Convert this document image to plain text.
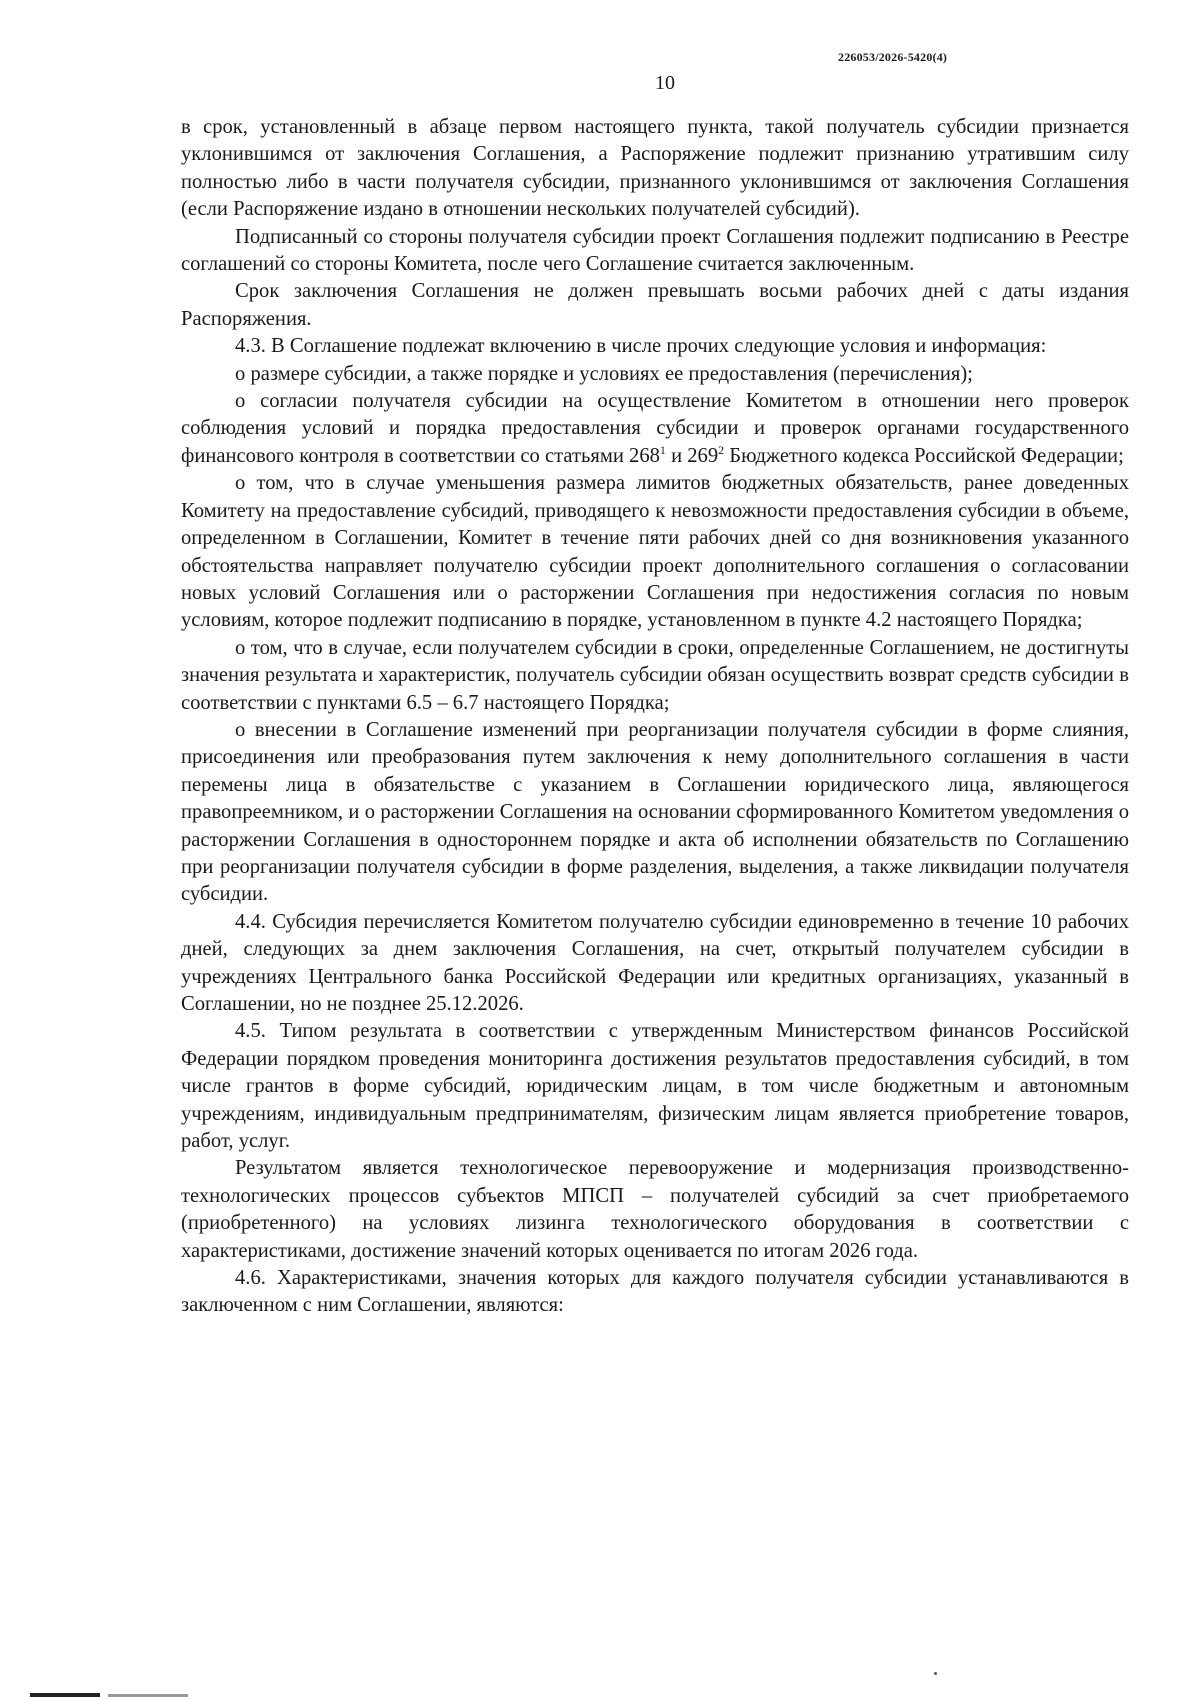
226053/2026-5420(4)
10

в срок, установленный в абзаце первом настоящего пункта, такой получатель субсидии признается уклонившимся от заключения Соглашения, а Распоряжение подлежит признанию утратившим силу полностью либо в части получателя субсидии, признанного уклонившимся от заключения Соглашения (если Распоряжение издано в отношении нескольких получателей субсидий).

Подписанный со стороны получателя субсидии проект Соглашения подлежит подписанию в Реестре соглашений со стороны Комитета, после чего Соглашение считается заключенным.

Срок заключения Соглашения не должен превышать восьми рабочих дней с даты издания Распоряжения.

4.3. В Соглашение подлежат включению в числе прочих следующие условия и информация:

о размере субсидии, а также порядке и условиях ее предоставления (перечисления);

о согласии получателя субсидии на осуществление Комитетом в отношении него проверок соблюдения условий и порядка предоставления субсидии и проверок органами государственного финансового контроля в соответствии со статьями $268^1$ и $269^2$ Бюджетного кодекса Российской Федерации;

о том, что в случае уменьшения размера лимитов бюджетных обязательств, ранее доведенных Комитету на предоставление субсидий, приводящего к невозможности предоставления субсидии в объеме, определенном в Соглашении, Комитет в течение пяти рабочих дней со дня возникновения указанного обстоятельства направляет получателю субсидии проект дополнительного соглашения о согласовании новых условий Соглашения или о расторжении Соглашения при недостижения согласия по новым условиям, которое подлежит подписанию в порядке, установленном в пункте 4.2 настоящего Порядка;

о том, что в случае, если получателем субсидии в сроки, определенные Соглашением, не достигнуты значения результата и характеристик, получатель субсидии обязан осуществить возврат средств субсидии в соответствии с пунктами 6.5 – 6.7 настоящего Порядка;

о внесении в Соглашение изменений при реорганизации получателя субсидии в форме слияния, присоединения или преобразования путем заключения к нему дополнительного соглашения в части перемены лица в обязательстве с указанием в Соглашении юридического лица, являющегося правопреемником, и о расторжении Соглашения на основании сформированного Комитетом уведомления о расторжении Соглашения в одностороннем порядке и акта об исполнении обязательств по Соглашению при реорганизации получателя субсидии в форме разделения, выделения, а также ликвидации получателя субсидии.

4.4. Субсидия перечисляется Комитетом получателю субсидии единовременно в течение 10 рабочих дней, следующих за днем заключения Соглашения, на счет, открытый получателем субсидии в учреждениях Центрального банка Российской Федерации или кредитных организациях, указанный в Соглашении, но не позднее 25.12.2026.

4.5. Типом результата в соответствии с утвержденным Министерством финансов Российской Федерации порядком проведения мониторинга достижения результатов предоставления субсидий, в том числе грантов в форме субсидий, юридическим лицам, в том числе бюджетным и автономным учреждениям, индивидуальным предпринимателям, физическим лицам является приобретение товаров, работ, услуг.

Результатом является технологическое перевооружение и модернизация производственно-технологических процессов субъектов МПСП – получателей субсидий за счет приобретаемого (приобретенного) на условиях лизинга технологического оборудования в соответствии с характеристиками, достижение значений которых оценивается по итогам 2026 года.

4.6. Характеристиками, значения которых для каждого получателя субсидии устанавливаются в заключенном с ним Соглашении, являются:
